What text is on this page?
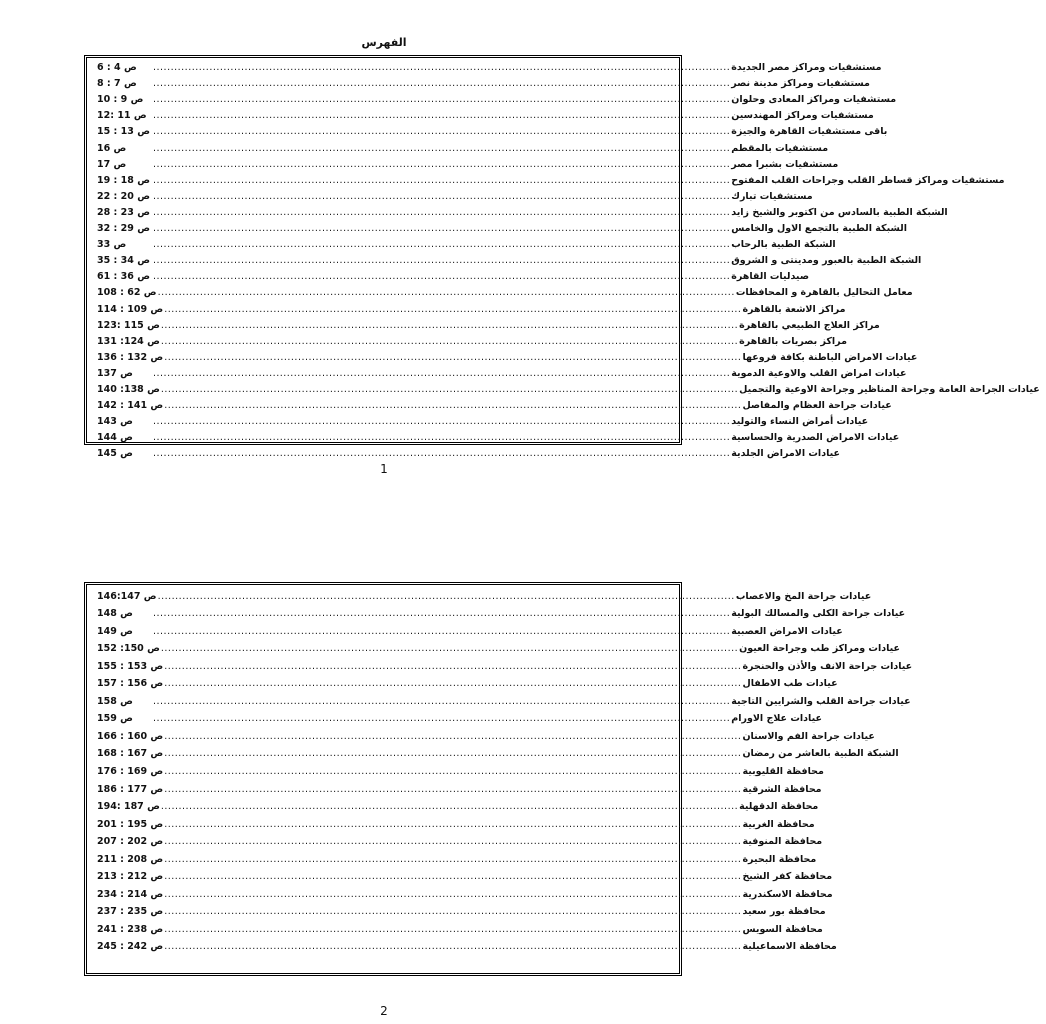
الفهرس
ص 4 : 6	.................................................................................................................................................................... مستشفيات ومراكز مصر الجديدة
ص 7 : 8	.................................................................................................................................................................... مستشفيات ومراكز مدينة نصر
ص 9 : 10	.................................................................................................................................................................... مستشفيات ومراكز المعادى وحلوان
ص 11 :12 .................................................................................................................................................................... مستشفيات ومراكز المهندسين
ص 13 : 15 .................................................................................................................................................................... باقى مستشفيات القاهرة والجيزة
ص 16	.................................................................................................................................................................... مستشفيات بالمقطم
ص 17	.................................................................................................................................................................... مستشفيات بشبرا مصر
ص 18 : 19 .................................................................................................................................................................... مستشفيات ومراكز قساطر القلب وجراحات القلب المفتوح
ص 20 : 22 .................................................................................................................................................................... مستشفيات تبارك
ص 23 : 28 .................................................................................................................................................................... الشبكة الطبية بالسادس من اكتوبر والشيخ زايد
ص 29 : 32 .................................................................................................................................................................... الشبكة الطبية بالتجمع الاول والخامس
ص 33	.................................................................................................................................................................... الشبكة الطبية بالرحاب
ص 34 : 35 .................................................................................................................................................................... الشبكة الطبية بالعبور ومدينتى و الشروق
ص 36 : 61 .................................................................................................................................................................... صيدليات القاهرة
ص 62 : 108 .................................................................................................................................................................... معامل التحاليل بالقاهرة و المحافظات
ص 109 : 114 .................................................................................................................................................................... مراكز الاشعة بالقاهرة
ص 115 :123 .................................................................................................................................................................... مراكز العلاج الطبيعي بالقاهرة
ص 124: 131 .................................................................................................................................................................... مراكز بصريات بالقاهرة
ص 132 : 136 .................................................................................................................................................................... عيادات الامراض الباطنة بكافة فروعها
ص 137	.................................................................................................................................................................... عيادات امراض القلب والاوعية الدموية
ص 138: 140 .................................................................................................................................................................... عيادات الجراحة العامة وجراحة المناظير وجراحة الاوعية والتجميل
ص 141 : 142 .................................................................................................................................................................... عيادات جراحة العظام والمفاصل
ص 143	.................................................................................................................................................................... عيادات أمراض النساء والتوليد
ص 144	.................................................................................................................................................................... عيادات الامراض الصدرية والحساسية
ص 145	.................................................................................................................................................................... عيادات الامراض الجلدية
1
ص 146:147 .................................................................................................................................................................... عيادات جراحة المخ والاعصاب
ص 148	.................................................................................................................................................................... عيادات جراحة الكلى والمسالك البولية
ص 149	.................................................................................................................................................................... عيادات الامراض العصبية
ص 150: 152 .................................................................................................................................................................... عيادات ومراكز طب وجراحة العيون
ص 153 : 155 .................................................................................................................................................................... عيادات جراحة الانف والأذن والحنجرة
ص 156 : 157 .................................................................................................................................................................... عيادات طب الاطفال
ص 158	.................................................................................................................................................................... عيادات جراحة القلب والشرايين التاجية
ص 159	.................................................................................................................................................................... عيادات علاج الاورام
ص 160 : 166 .................................................................................................................................................................... عيادات جراحة الفم والاسنان
ص 167 : 168 .................................................................................................................................................................... الشبكة الطبية بالعاشر من رمضان
ص 169 : 176 .................................................................................................................................................................... محافظة القليوبية
ص 177 : 186 .................................................................................................................................................................... محافظة الشرقية
ص 187 :194 .................................................................................................................................................................... محافظة الدقهلية
ص 195 : 201 .................................................................................................................................................................... محافظة الغربية
ص 202 : 207 .................................................................................................................................................................... محافظة المنوفية
ص 208 : 211 .................................................................................................................................................................... محافظة البحيرة
ص 212 : 213 .................................................................................................................................................................... محافظة كفر الشيخ
ص 214 : 234 .................................................................................................................................................................... محافظة الاسكندرية
ص 235 : 237 .................................................................................................................................................................... محافظة بور سعيد
ص 238 : 241 .................................................................................................................................................................... محافظة السويس
ص 242 : 245 .................................................................................................................................................................... محافظة الاسماعيلية
2
